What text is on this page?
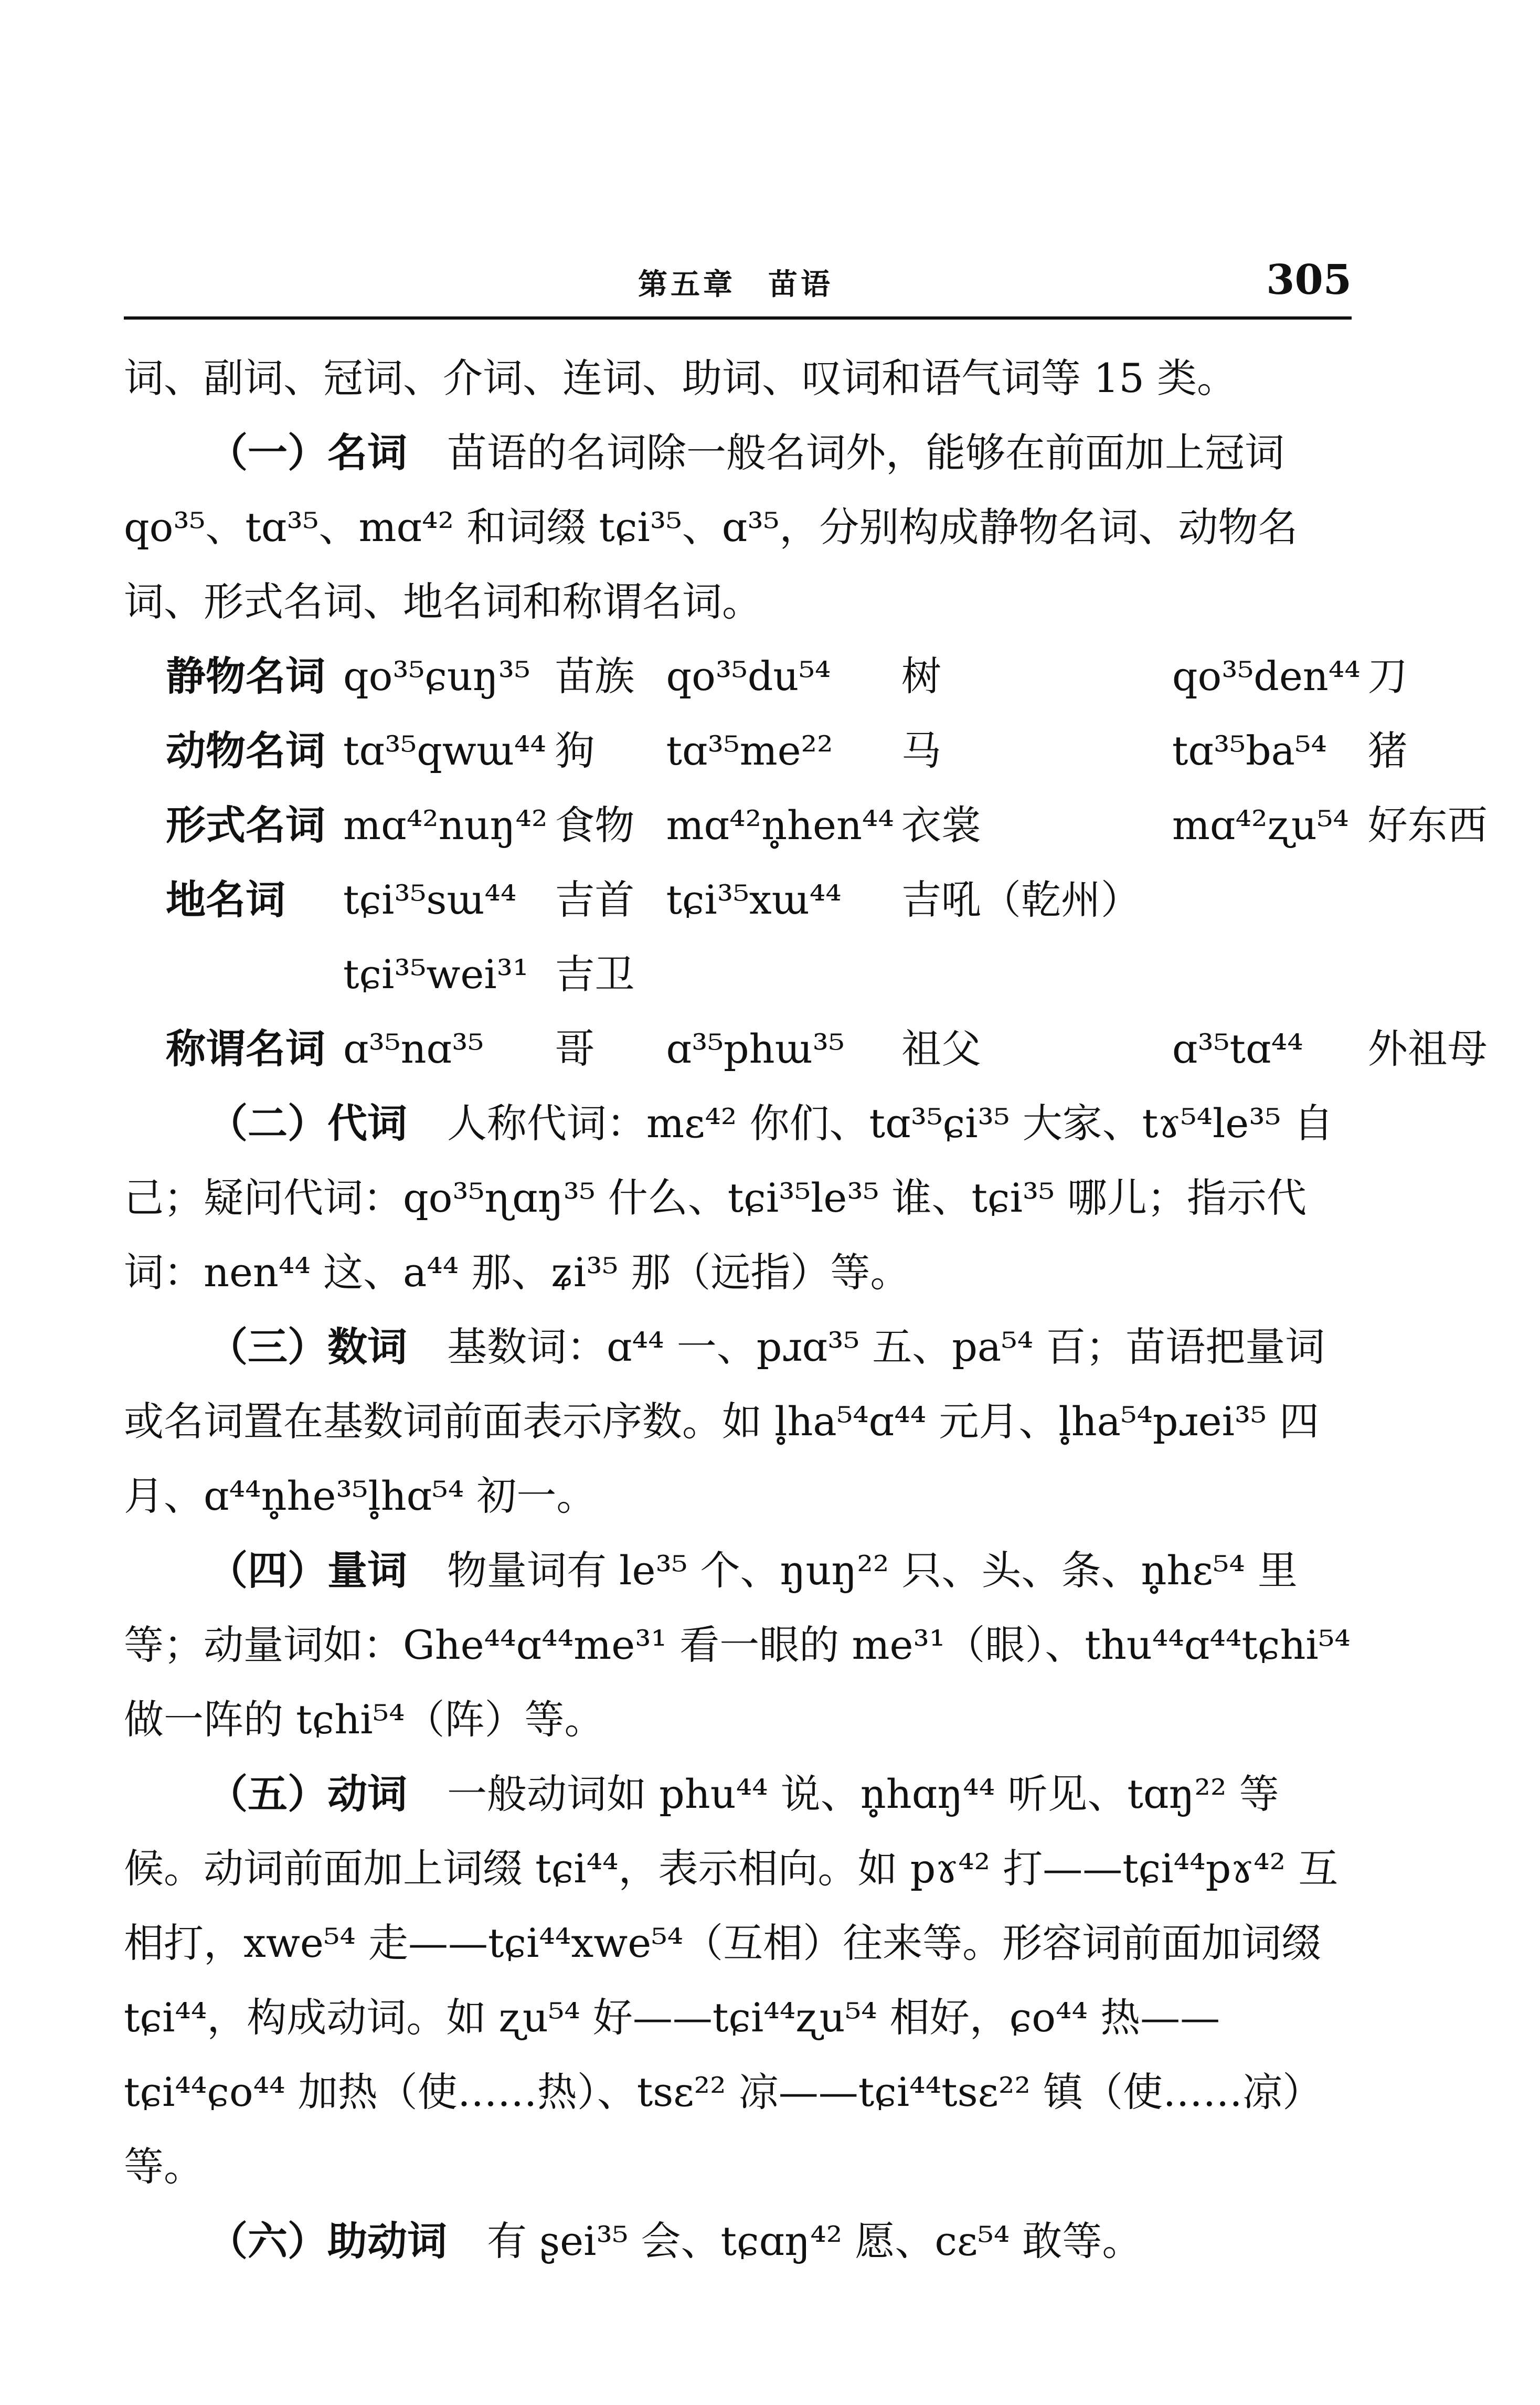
第五章　苗语	305

词、副词、冠词、介词、连词、助词、叹词和语气词等 15 类。

（一）名词　 苗语的名词除一般名词外，能够在前面加上冠词 qo³⁵、tɑ³⁵、mɑ⁴² 和词缀 tɕi³⁵、ɑ³⁵，分别构成静物名词、动物名词、形式名词、地名词和称谓名词。

静物名词	qo³⁵ɕuŋ³⁵	苗族	qo³⁵du⁵⁴	树	qo³⁵den⁴⁴	刀
动物名词	tɑ³⁵qwɯ⁴⁴	狗	tɑ³⁵me²²	马	tɑ³⁵ba⁵⁴	猪
形式名词	mɑ⁴²nuŋ⁴²	食物	mɑ⁴²n̥hen⁴⁴	衣裳	mɑ⁴²ʐu⁵⁴	好东西
地名词	tɕi³⁵sɯ⁴⁴	吉首	tɕi³⁵xɯ⁴⁴	吉吼（乾州）		
	tɕi³⁵wei³¹	吉卫				
称谓名词	ɑ³⁵nɑ³⁵	哥	ɑ³⁵phɯ³⁵	祖父	ɑ³⁵tɑ⁴⁴	外祖母

（二）代词　 人称代词：mɛ⁴² 你们、tɑ³⁵ɕi³⁵ 大家、tɤ⁵⁴le³⁵ 自己；疑问代词：qo³⁵ɳɑŋ³⁵ 什么、tɕi³⁵le³⁵ 谁、tɕi³⁵ 哪儿；指示代词：nen⁴⁴ 这、a⁴⁴ 那、ʑi³⁵ 那（远指）等。

（三）数词　 基数词：ɑ⁴⁴ 一、pɹɑ³⁵ 五、pa⁵⁴ 百；苗语把量词或名词置在基数词前面表示序数。如 l̥ha⁵⁴ɑ⁴⁴ 元月、l̥ha⁵⁴pɹei³⁵ 四月、ɑ⁴⁴n̥he³⁵l̥hɑ⁵⁴ 初一。

（四）量词　 物量词有 le³⁵ 个、ŋuŋ²² 只、头、条、n̥hɛ⁵⁴ 里等；动量词如：Ghe⁴⁴ɑ⁴⁴me³¹ 看一眼的 me³¹（眼）、thu⁴⁴ɑ⁴⁴tɕhi⁵⁴ 做一阵的 tɕhi⁵⁴（阵）等。

（五）动词　 一般动词如 phu⁴⁴ 说、n̥hɑŋ⁴⁴ 听见、tɑŋ²² 等候。动词前面加上词缀 tɕi⁴⁴，表示相向。如 pɤ⁴² 打——tɕi⁴⁴pɤ⁴² 互相打，xwe⁵⁴ 走——tɕi⁴⁴xwe⁵⁴（互相）往来等。形容词前面加词缀 tɕi⁴⁴，构成动词。如 ʐu⁵⁴ 好——tɕi⁴⁴ʐu⁵⁴ 相好，ɕo⁴⁴ 热——tɕi⁴⁴ɕo⁴⁴ 加热（使……热）、tsɛ²² 凉——tɕi⁴⁴tsɛ²² 镇（使……凉）等。

（六）助动词　 有 ʂei³⁵ 会、tɕɑŋ⁴² 愿、cɛ⁵⁴ 敢等。
